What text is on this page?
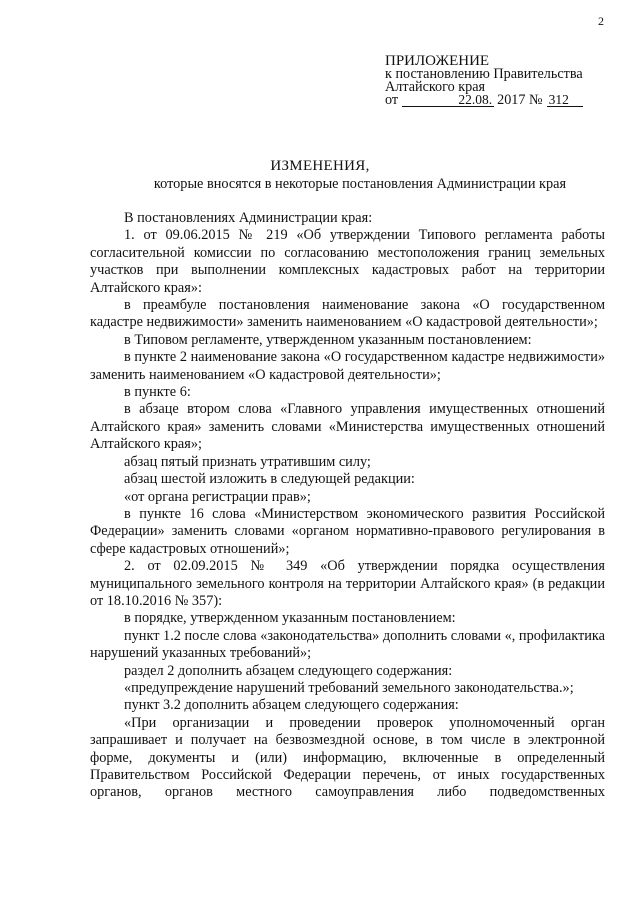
2
ПРИЛОЖЕНИЕ
к постановлению Правительства
Алтайского края
от	22.08. 2017 № 312
ИЗМЕНЕНИЯ,
которые вносятся в некоторые постановления Администрации края

В постановлениях Администрации края:

1. от 09.06.2015 № 219 «Об утверждении Типового регламента работы согласительной комиссии по согласованию местоположения границ земельных участков при выполнении комплексных кадастровых работ на территории Алтайского края»:

в преамбуле постановления наименование закона «О государственном кадастре недвижимости» заменить наименованием «О кадастровой деятельности»;

в Типовом регламенте, утвержденном указанным постановлением:

в пункте 2 наименование закона «О государственном кадастре недвижимости» заменить наименованием «О кадастровой деятельности»;

в пункте 6:

в абзаце втором слова «Главного управления имущественных отношений Алтайского края» заменить словами «Министерства имущественных отношений Алтайского края»;

абзац пятый признать утратившим силу;

абзац шестой изложить в следующей редакции:

«от органа регистрации прав»;

в пункте 16 слова «Министерством экономического развития Российской Федерации» заменить словами «органом нормативно-правового регулирования в сфере кадастровых отношений»;

2. от 02.09.2015 № 349 «Об утверждении порядка осуществления муниципального земельного контроля на территории Алтайского края» (в редакции от 18.10.2016 № 357):

в порядке, утвержденном указанным постановлением:

пункт 1.2 после слова «законодательства» дополнить словами «, профилактика нарушений указанных требований»;

раздел 2 дополнить абзацем следующего содержания:

«предупреждение нарушений требований земельного законодательства.»;

пункт 3.2 дополнить абзацем следующего содержания:

«При организации и проведении проверок уполномоченный орган запрашивает и получает на безвозмездной основе, в том числе в электронной форме, документы и (или) информацию, включенные в определенный Правительством Российской Федерации перечень, от иных государственных органов, органов местного самоуправления либо подведомственных
